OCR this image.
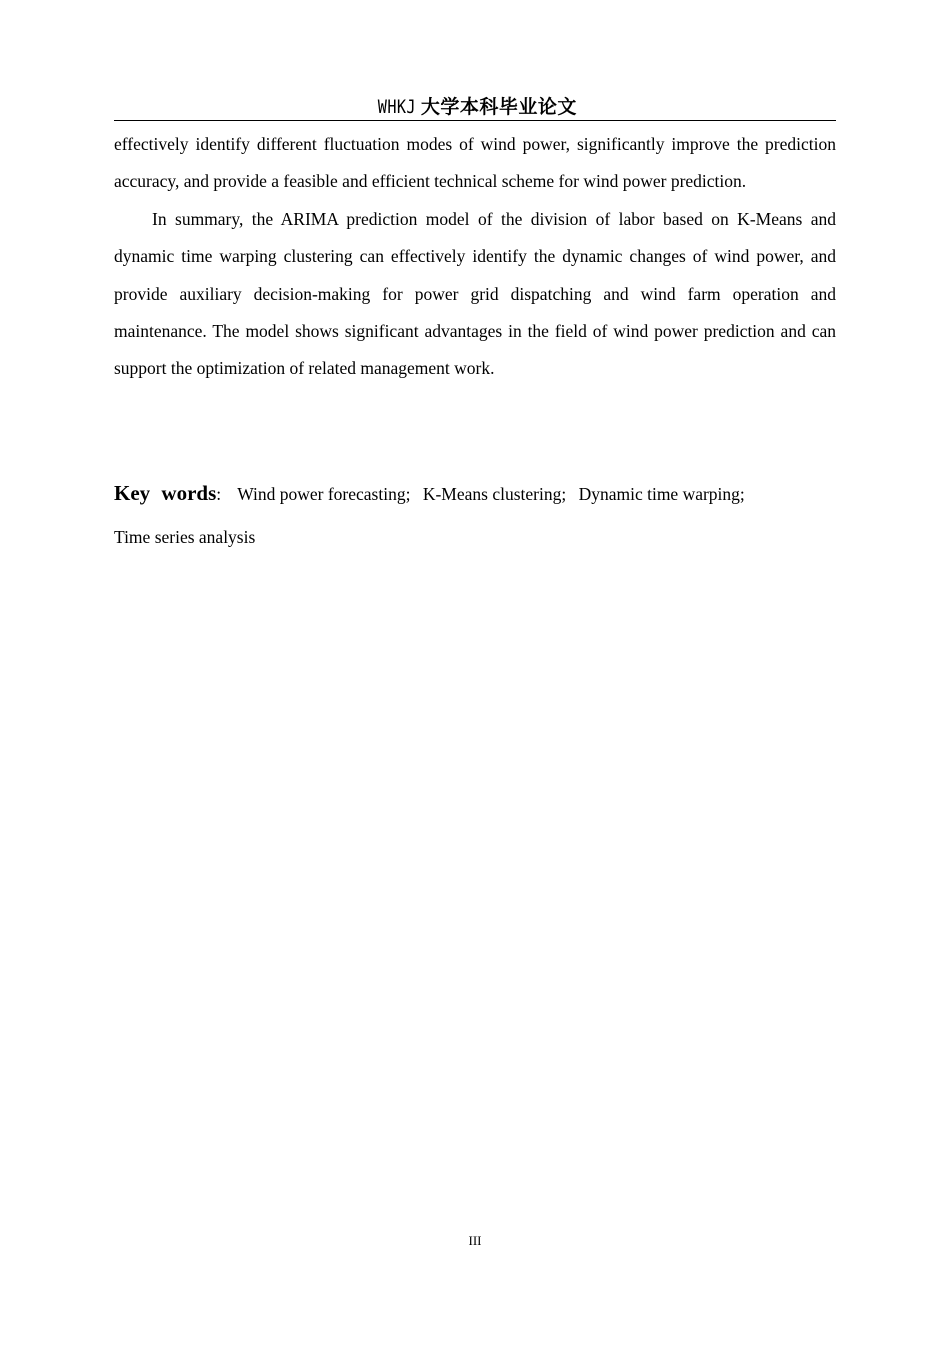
WHKJ 大学本科毕业论文

effectively identify different fluctuation modes of wind power, significantly improve the prediction accuracy, and provide a feasible and efficient technical scheme for wind power prediction.

In summary, the ARIMA prediction model of the division of labor based on K-Means and dynamic time warping clustering can effectively identify the dynamic changes of wind power, and provide auxiliary decision-making for power grid dispatching and wind farm operation and maintenance. The model shows significant advantages in the field of wind power prediction and can support the optimization of related management work.

Key words: Wind power forecasting; K-Means clustering; Dynamic time warping;
Time series analysis
III
